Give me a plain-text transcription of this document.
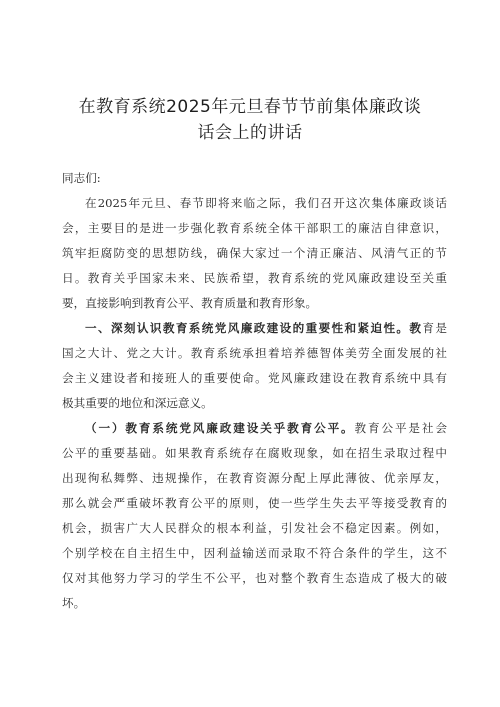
在教育系统2025年元旦春节节前集体廉政谈
话会上的讲话

同志们:

在2025年元旦、春节即将来临之际，我们召开这次集体廉政谈话

会，主要目的是进一步强化教育系统全体干部职工的廉洁自律意识，

筑牢拒腐防变的思想防线，确保大家过一个清正廉洁、风清气正的节

日。教育关乎国家未来、民族希望，教育系统的党风廉政建设至关重

要，直接影响到教育公平、教育质量和教育形象。

一、深刻认识教育系统党风廉政建设的重要性和紧迫性。教育是

国之大计、党之大计。教育系统承担着培养德智体美劳全面发展的社

会主义建设者和接班人的重要使命。党风廉政建设在教育系统中具有

极其重要的地位和深远意义。

（一）教育系统党风廉政建设关乎教育公平。教育公平是社会

公平的重要基础。如果教育系统存在腐败现象，如在招生录取过程中

出现徇私舞弊、违规操作，在教育资源分配上厚此薄彼、优亲厚友，

那么就会严重破坏教育公平的原则，使一些学生失去平等接受教育的

机会，损害广大人民群众的根本利益，引发社会不稳定因素。例如，

个别学校在自主招生中，因利益输送而录取不符合条件的学生，这不

仅对其他努力学习的学生不公平，也对整个教育生态造成了极大的破

坏。
